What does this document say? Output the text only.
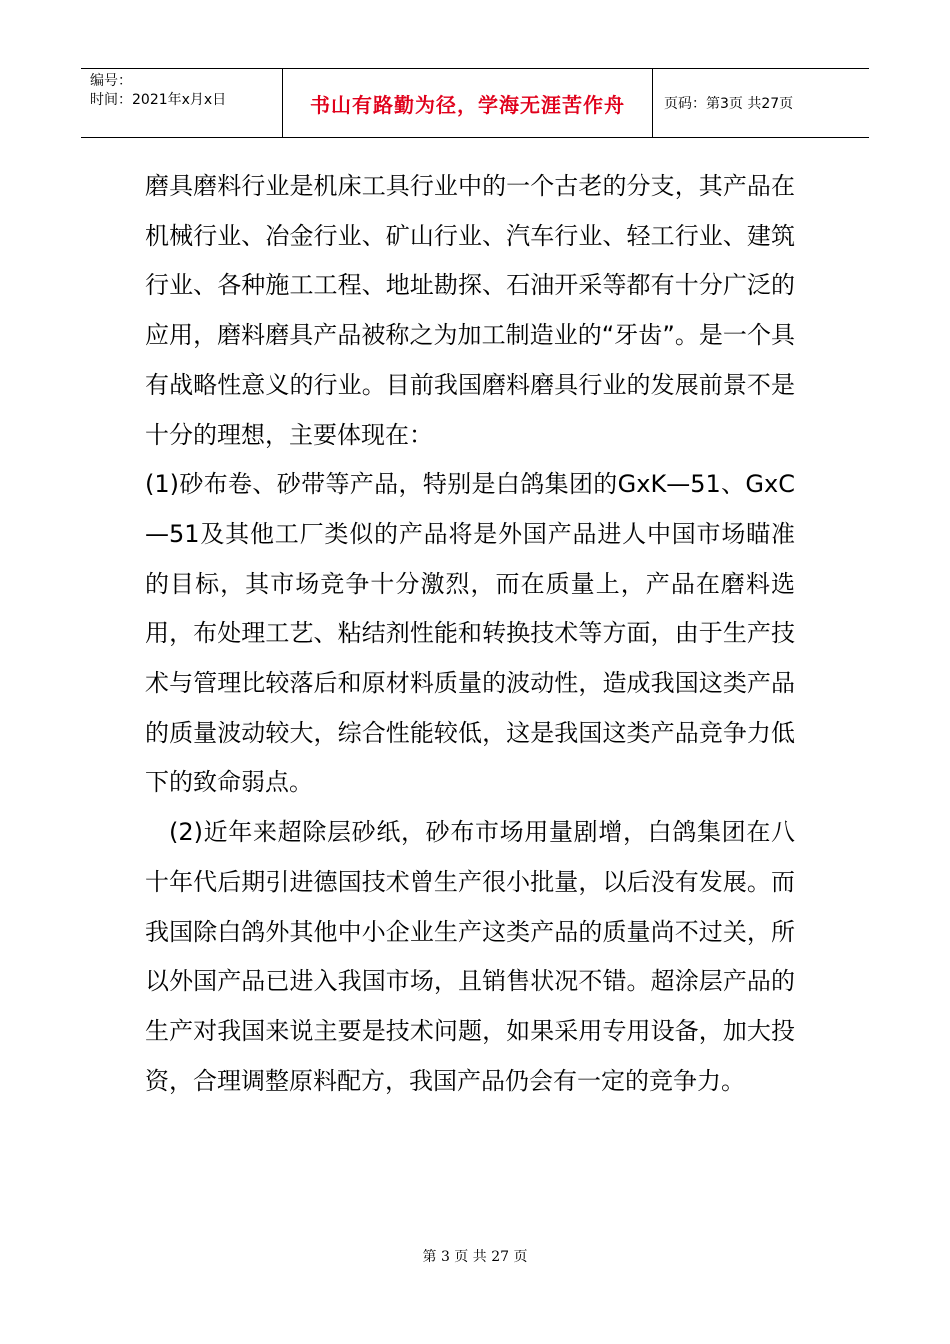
编号：
时间：2021年x月x日	书山有路勤为径，学海无涯苦作舟	页码：第3页 共27页

磨具磨料行业是机床工具行业中的一个古老的分支，其产品在机械行业、冶金行业、矿山行业、汽车行业、轻工行业、建筑行业、各种施工工程、地址勘探、石油开采等都有十分广泛的应用，磨料磨具产品被称之为加工制造业的“牙齿”。是一个具有战略性意义的行业。目前我国磨料磨具行业的发展前景不是十分的理想，主要体现在：

(1)砂布卷、砂带等产品，特别是白鸽集团的GxK—51、GxC—51及其他工厂类似的产品将是外国产品进人中国市场瞄准的目标，其市场竞争十分激烈，而在质量上，产品在磨料选用，布处理工艺、粘结剂性能和转换技术等方面，由于生产技术与管理比较落后和原材料质量的波动性，造成我国这类产品的质量波动较大，综合性能较低，这是我国这类产品竞争力低下的致命弱点。

(2)近年来超除层砂纸，砂布市场用量剧增，白鸽集团在八十年代后期引进德国技术曾生产很小批量，以后没有发展。而我国除白鸽外其他中小企业生产这类产品的质量尚不过关，所以外国产品已进入我国市场，且销售状况不错。超涂层产品的生产对我国来说主要是技术问题，如果采用专用设备，加大投资，合理调整原料配方，我国产品仍会有一定的竞争力。

第 3 页 共 27 页
